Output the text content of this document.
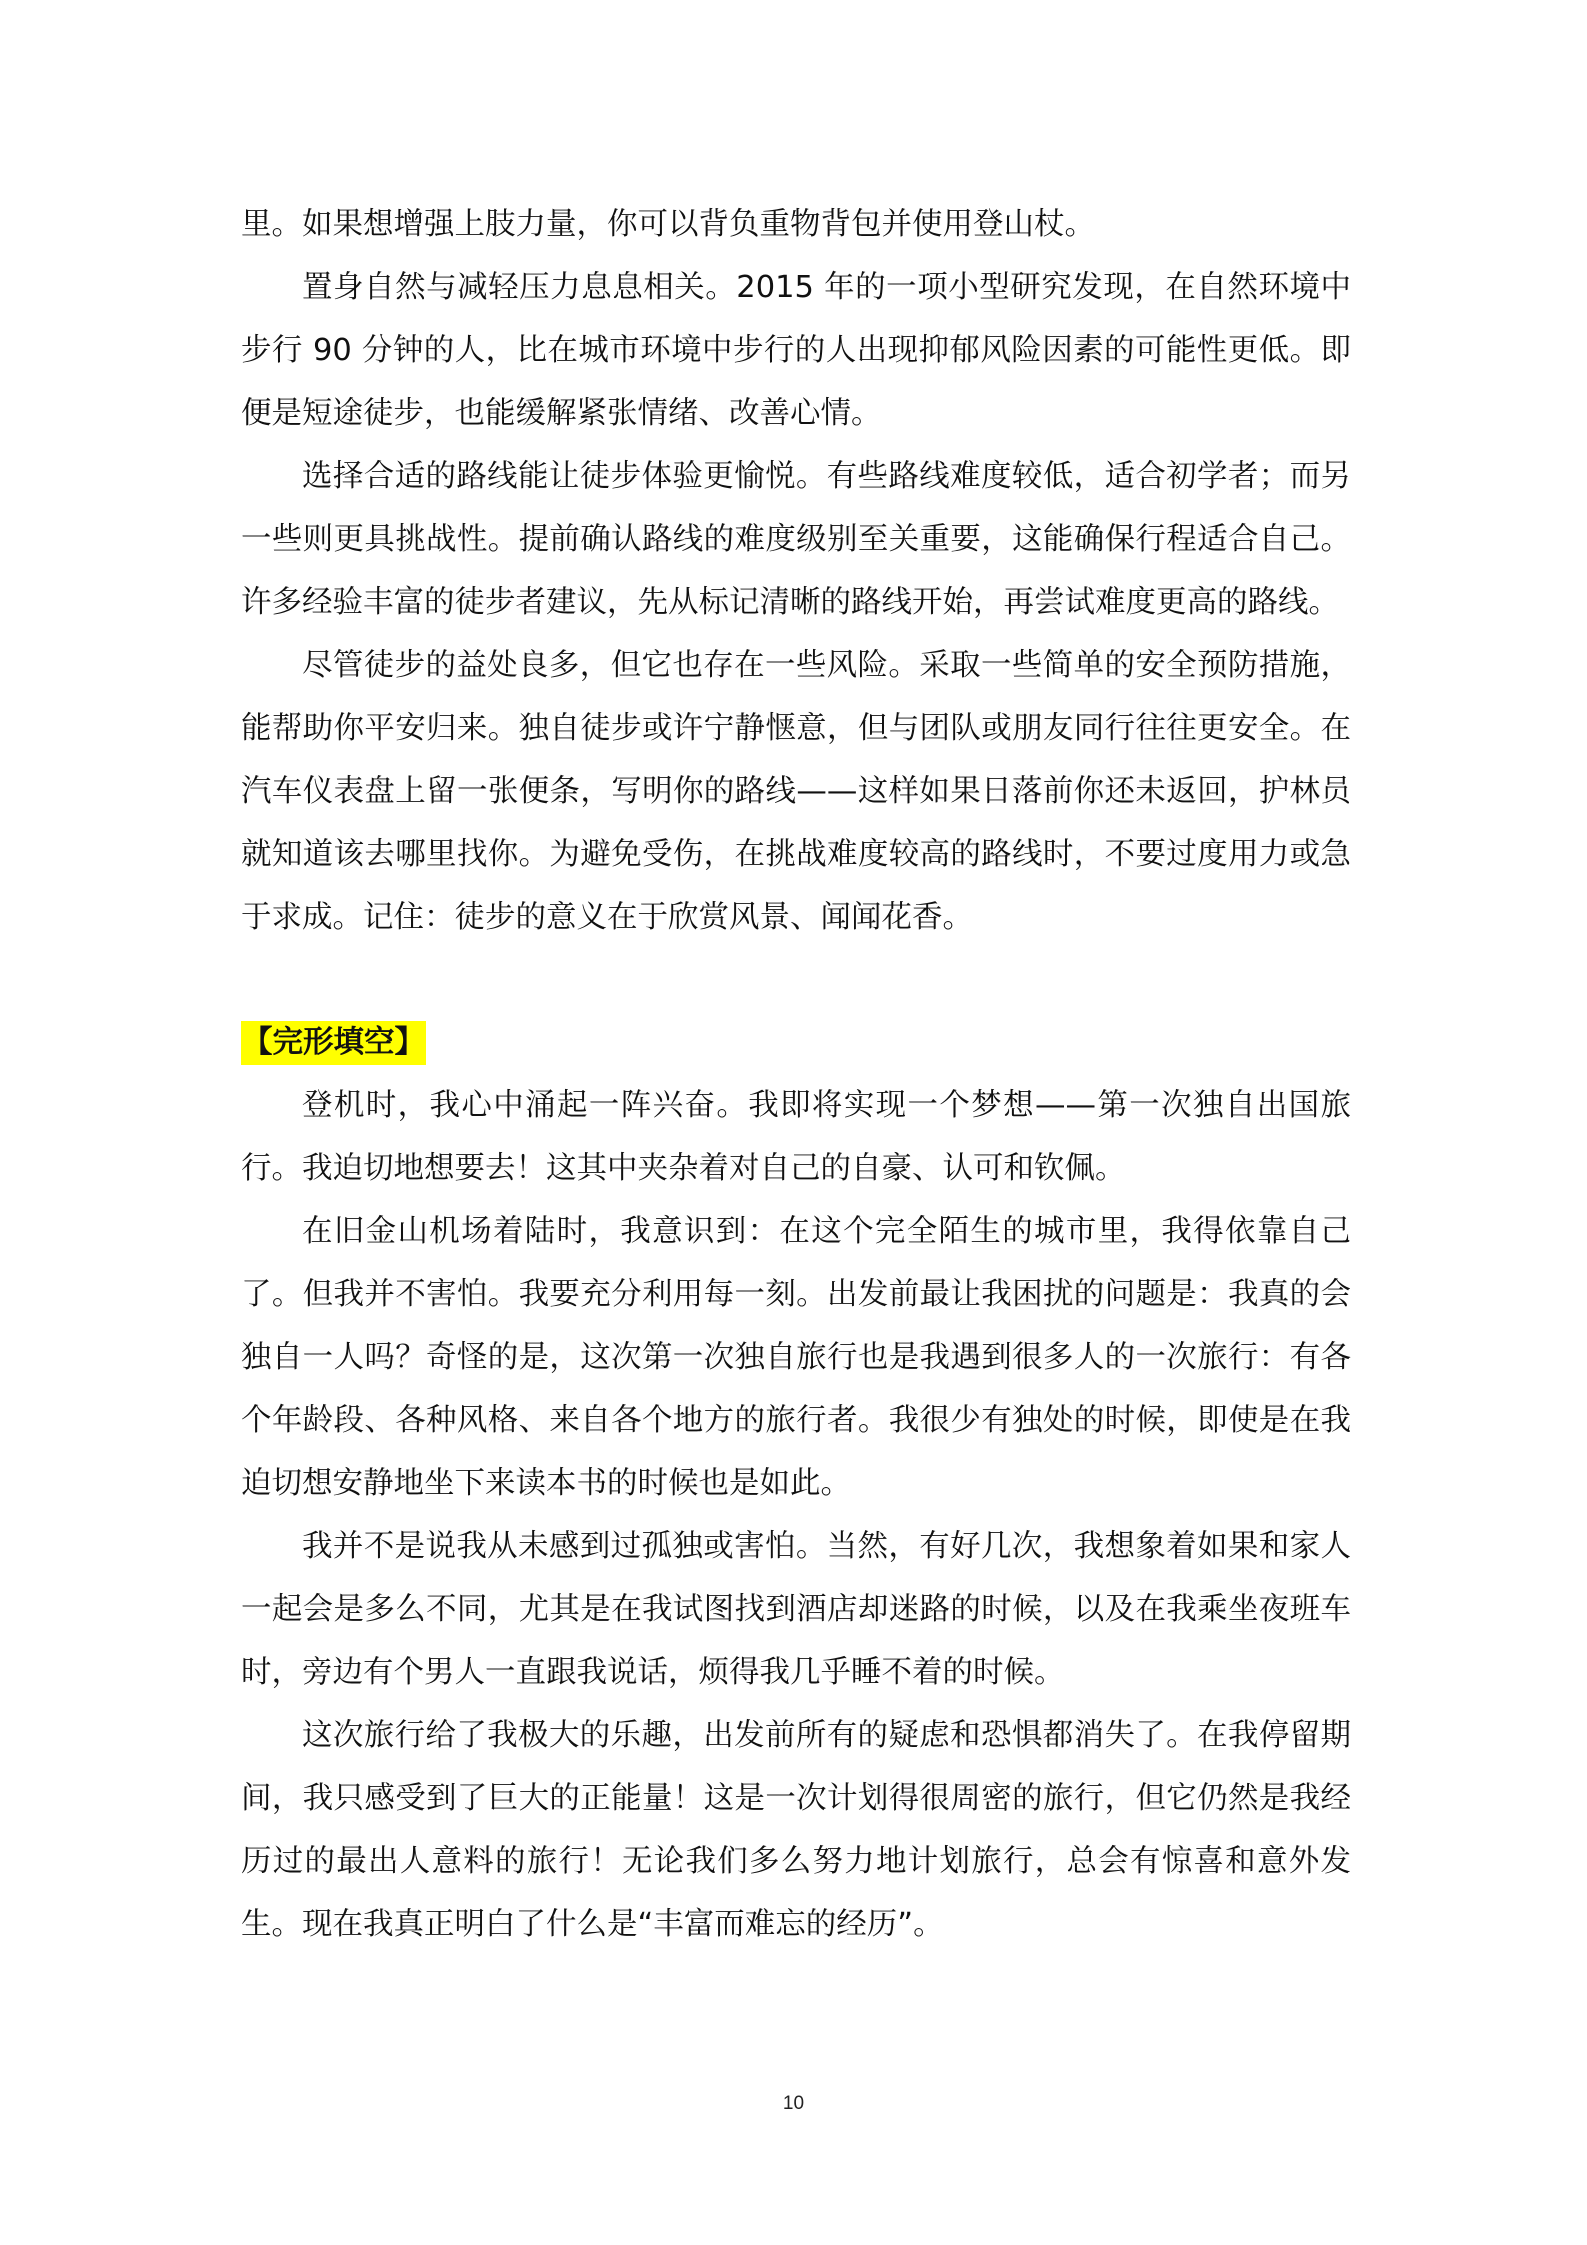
里。如果想增强上肢力量，你可以背负重物背包并使用登山杖。

置身自然与减轻压力息息相关。2015 年的一项小型研究发现，在自然环境中步行 90 分钟的人，比在城市环境中步行的人出现抑郁风险因素的可能性更低。即便是短途徒步，也能缓解紧张情绪、改善心情。

选择合适的路线能让徒步体验更愉悦。有些路线难度较低，适合初学者；而另一些则更具挑战性。提前确认路线的难度级别至关重要，这能确保行程适合自己。许多经验丰富的徒步者建议，先从标记清晰的路线开始，再尝试难度更高的路线。

尽管徒步的益处良多，但它也存在一些风险。采取一些简单的安全预防措施，能帮助你平安归来。独自徒步或许宁静惬意，但与团队或朋友同行往往更安全。在汽车仪表盘上留一张便条，写明你的路线——这样如果日落前你还未返回，护林员就知道该去哪里找你。为避免受伤，在挑战难度较高的路线时，不要过度用力或急于求成。记住：徒步的意义在于欣赏风景、闻闻花香。

【完形填空】

登机时，我心中涌起一阵兴奋。我即将实现一个梦想——第一次独自出国旅行。我迫切地想要去！这其中夹杂着对自己的自豪、认可和钦佩。

在旧金山机场着陆时，我意识到：在这个完全陌生的城市里，我得依靠自己了。但我并不害怕。我要充分利用每一刻。出发前最让我困扰的问题是：我真的会独自一人吗？奇怪的是，这次第一次独自旅行也是我遇到很多人的一次旅行：有各个年龄段、各种风格、来自各个地方的旅行者。我很少有独处的时候，即使是在我迫切想安静地坐下来读本书的时候也是如此。

我并不是说我从未感到过孤独或害怕。当然，有好几次，我想象着如果和家人一起会是多么不同，尤其是在我试图找到酒店却迷路的时候，以及在我乘坐夜班车时，旁边有个男人一直跟我说话，烦得我几乎睡不着的时候。

这次旅行给了我极大的乐趣，出发前所有的疑虑和恐惧都消失了。在我停留期间，我只感受到了巨大的正能量！这是一次计划得很周密的旅行，但它仍然是我经历过的最出人意料的旅行！无论我们多么努力地计划旅行，总会有惊喜和意外发生。现在我真正明白了什么是“丰富而难忘的经历”。

10
